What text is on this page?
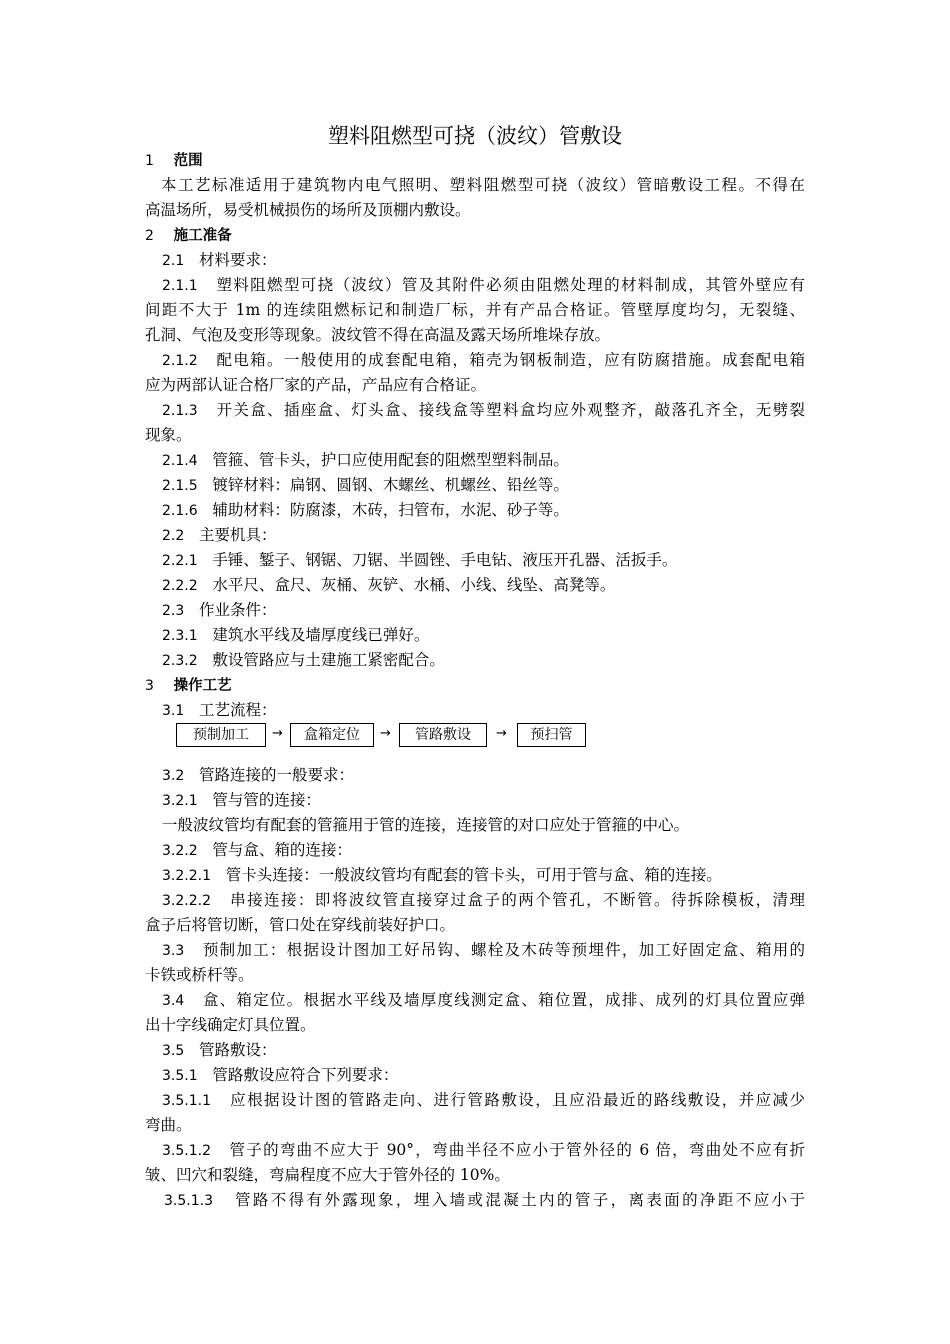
塑料阻燃型可挠（波纹）管敷设
1 范围
本工艺标准适用于建筑物内电气照明、塑料阻燃型可挠（波纹）管暗敷设工程。不得在
高温场所，易受机械损伤的场所及顶棚内敷设。
2 施工准备
2.1 材料要求：
2.1.1 塑料阻燃型可挠（波纹）管及其附件必须由阻燃处理的材料制成，其管外壁应有
间距不大于 1m 的连续阻燃标记和制造厂标，并有产品合格证。管壁厚度均匀，无裂缝、
孔洞、气泡及变形等现象。波纹管不得在高温及露天场所堆垛存放。
2.1.2 配电箱。一般使用的成套配电箱，箱壳为钢板制造，应有防腐措施。成套配电箱
应为两部认证合格厂家的产品，产品应有合格证。
2.1.3 开关盒、插座盒、灯头盒、接线盒等塑料盒均应外观整齐，敲落孔齐全，无劈裂
现象。
2.1.4 管箍、管卡头，护口应使用配套的阻燃型塑料制品。
2.1.5 镀锌材料：扁钢、圆钢、木螺丝、机螺丝、铅丝等。
2.1.6 辅助材料：防腐漆，木砖，扫管布，水泥、砂子等。
2.2 主要机具：
2.2.1 手锤、錾子、钢锯、刀锯、半圆锉、手电钻、液压开孔器、活扳手。
2.2.2 水平尺、盒尺、灰桶、灰铲、水桶、小线、线坠、高凳等。
2.3 作业条件：
2.3.1 建筑水平线及墙厚度线已弹好。
2.3.2 敷设管路应与土建施工紧密配合。
3 操作工艺
3.1 工艺流程：
预制加工	→	盒箱定位	→	管路敷设	→	预扫管
3.2 管路连接的一般要求：
3.2.1 管与管的连接：
一般波纹管均有配套的管箍用于管的连接，连接管的对口应处于管箍的中心。
3.2.2 管与盒、箱的连接：
3.2.2.1 管卡头连接：一般波纹管均有配套的管卡头，可用于管与盒、箱的连接。
3.2.2.2 串接连接：即将波纹管直接穿过盒子的两个管孔，不断管。待拆除模板，清理
盒子后将管切断，管口处在穿线前装好护口。
3.3 预制加工：根据设计图加工好吊钩、螺栓及木砖等预埋件，加工好固定盒、箱用的
卡铁或桥杆等。
3.4 盒、箱定位。根据水平线及墙厚度线测定盒、箱位置，成排、成列的灯具位置应弹
出十字线确定灯具位置。
3.5 管路敷设：
3.5.1 管路敷设应符合下列要求：
3.5.1.1 应根据设计图的管路走向、进行管路敷设，且应沿最近的路线敷设，并应减少
弯曲。
3.5.1.2 管子的弯曲不应大于 90°，弯曲半径不应小于管外径的 6 倍，弯曲处不应有折
皱、凹穴和裂缝，弯扁程度不应大于管外径的 10%。
3.5.1.3 管路不得有外露现象，埋入墙或混凝土内的管子，离表面的净距不应小于
